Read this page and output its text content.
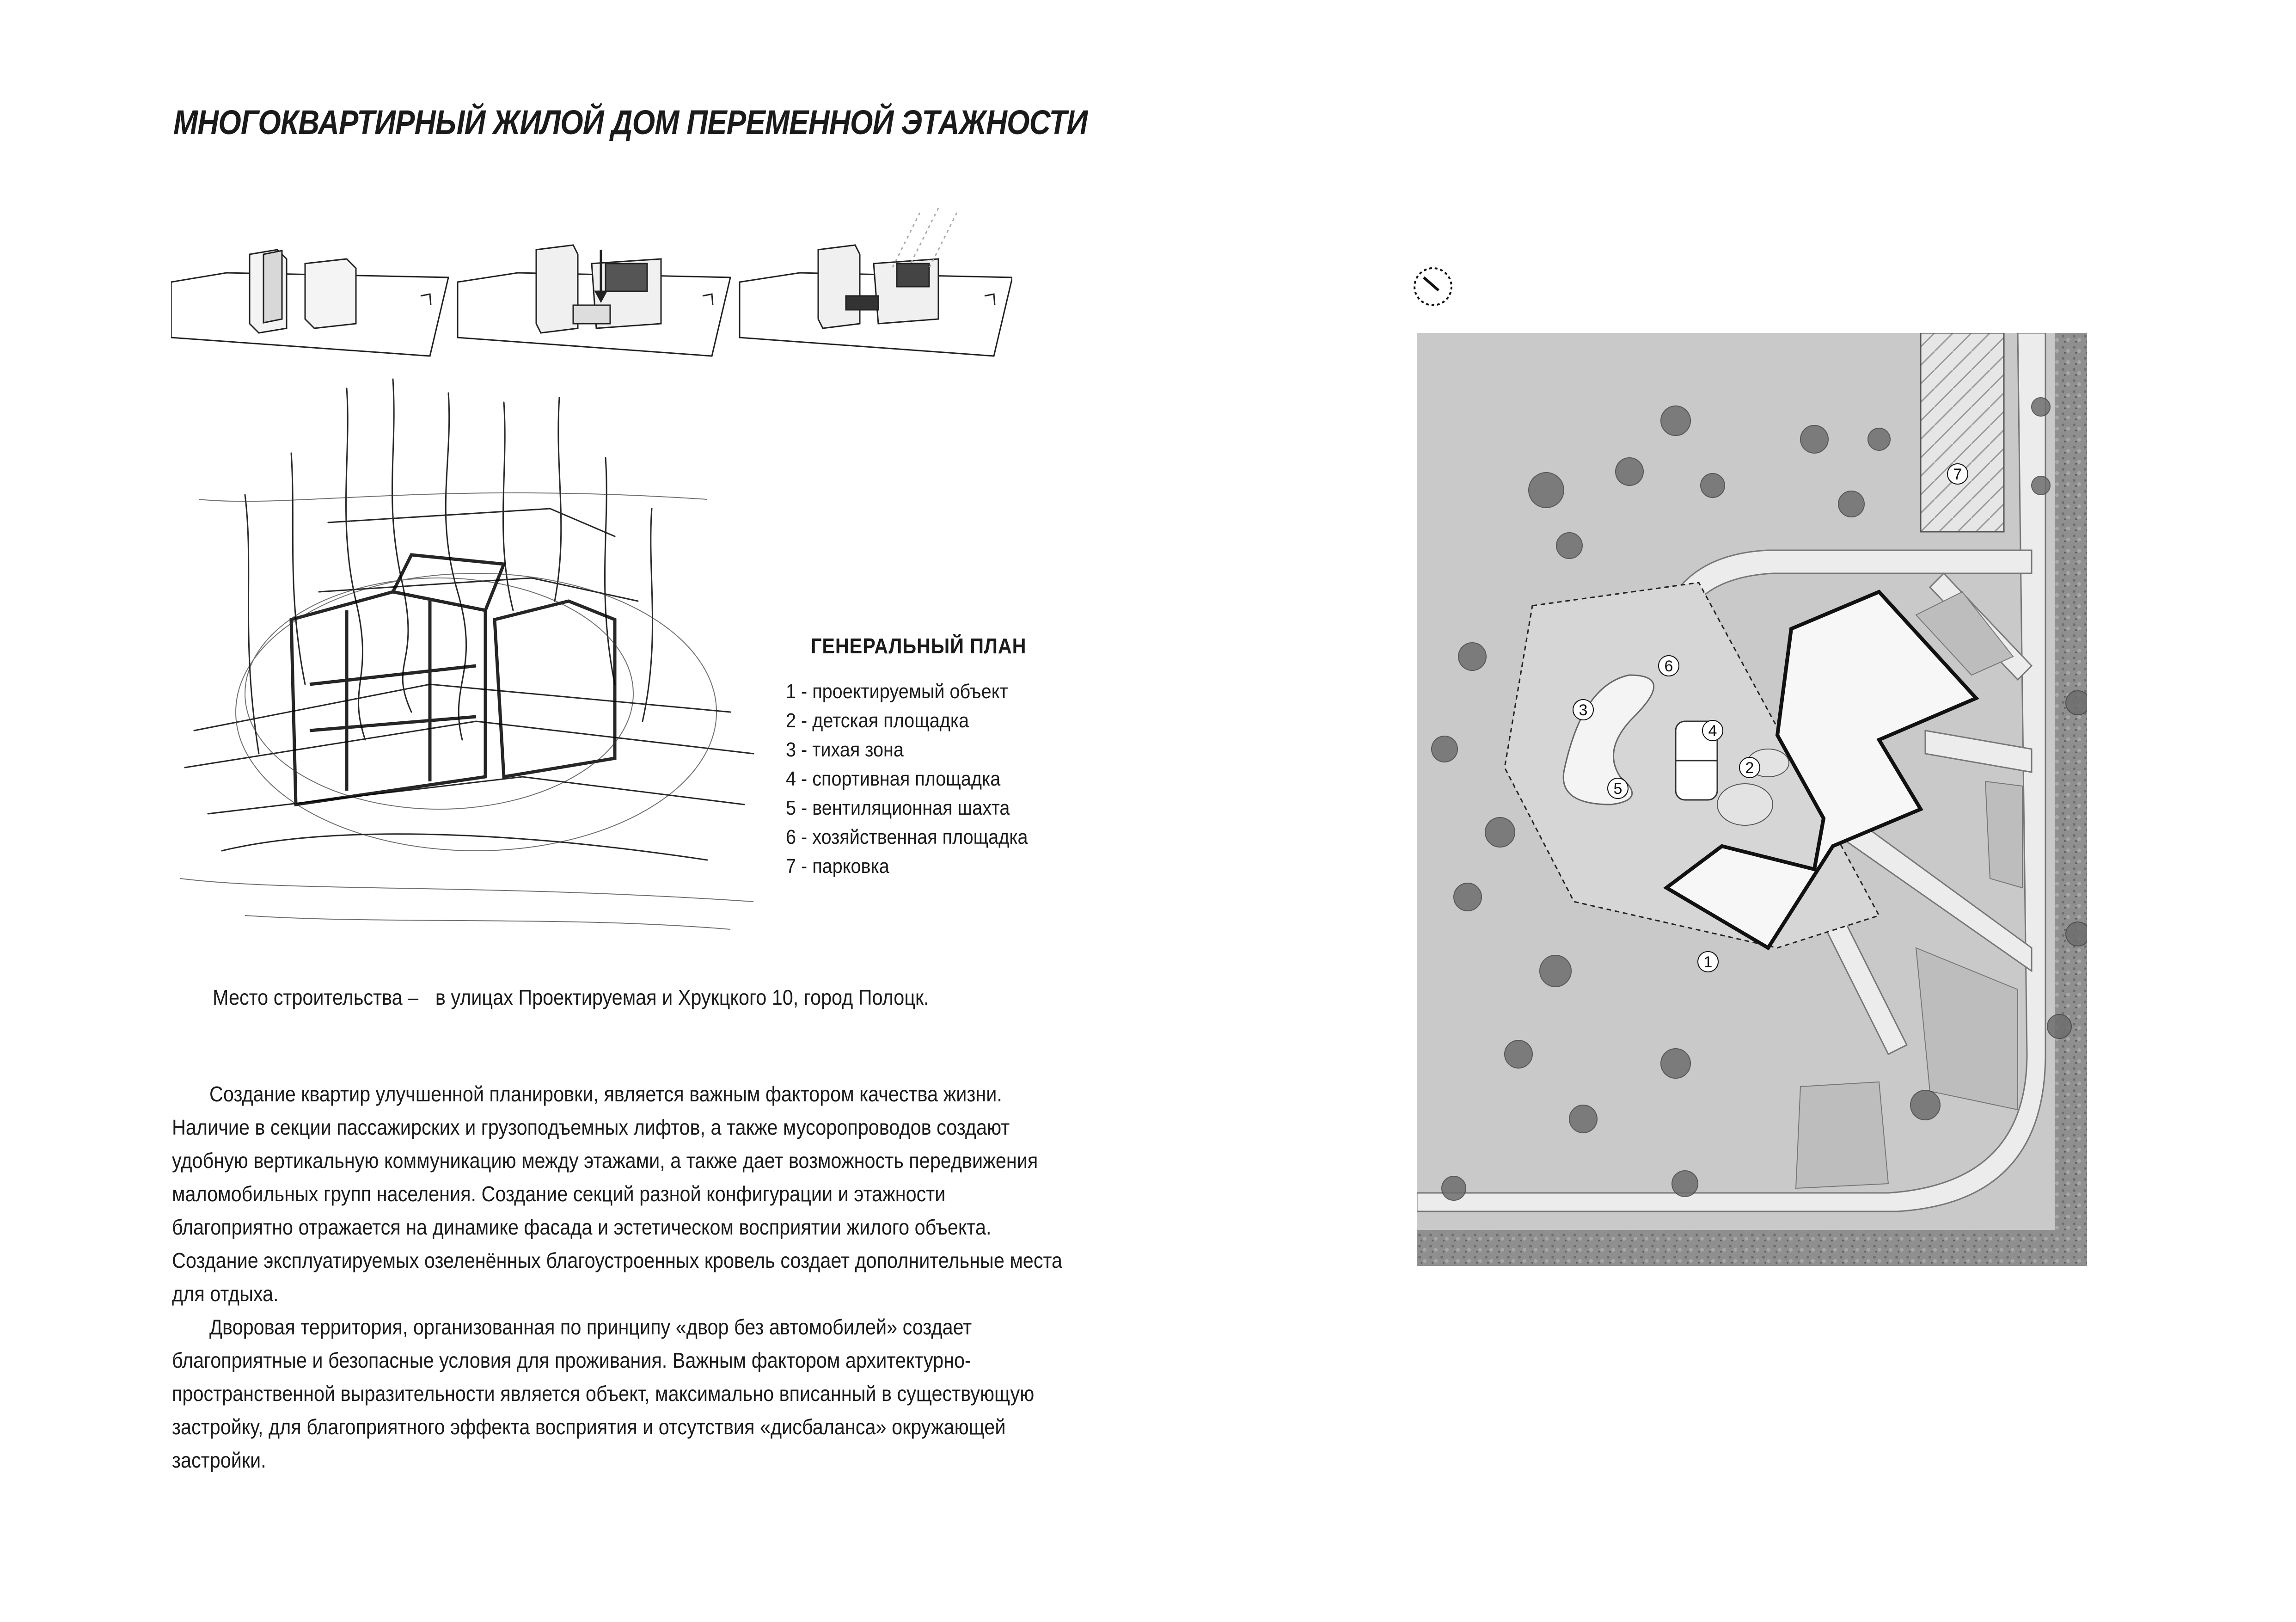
МНОГОКВАРТИРНЫЙ ЖИЛОЙ ДОМ ПЕРЕМЕННОЙ ЭТАЖНОСТИ
ГЕНЕРАЛЬНЫЙ ПЛАН
1 - проектируемый объект
2 - детская площадка
3 - тихая зона
4 - спортивная площадка
5 - вентиляционная шахта
6 - хозяйственная площадка
7 - парковка
Место строительства – в улицах Проектируемая и Хрукцкого 10, город Полоцк.

Создание квартир улучшенной планировки, является важным фактором качества жизни. Наличие в секции пассажирских и грузоподъемных лифтов, а также мусоропроводов создают удобную вертикальную коммуникацию между этажами, а также дает возможность передвижения маломобильных групп населения. Создание секций разной конфигурации и этажности благоприятно отражается на динамике фасада и эстетическом восприятии жилого объекта. Создание эксплуатируемых озеленённых благоустроенных кровель создает дополнительные места для отдыха.

Дворовая территория, организованная по принципу «двор без автомобилей» создает благоприятные и безопасные условия для проживания. Важным фактором архитектурно-пространственной выразительности является объект, максимально вписанный в существующую застройку, для благоприятного эффекта восприятия и отсутствия «дисбаланса» окружающей застройки.

1
2
3
4
5
6
7
